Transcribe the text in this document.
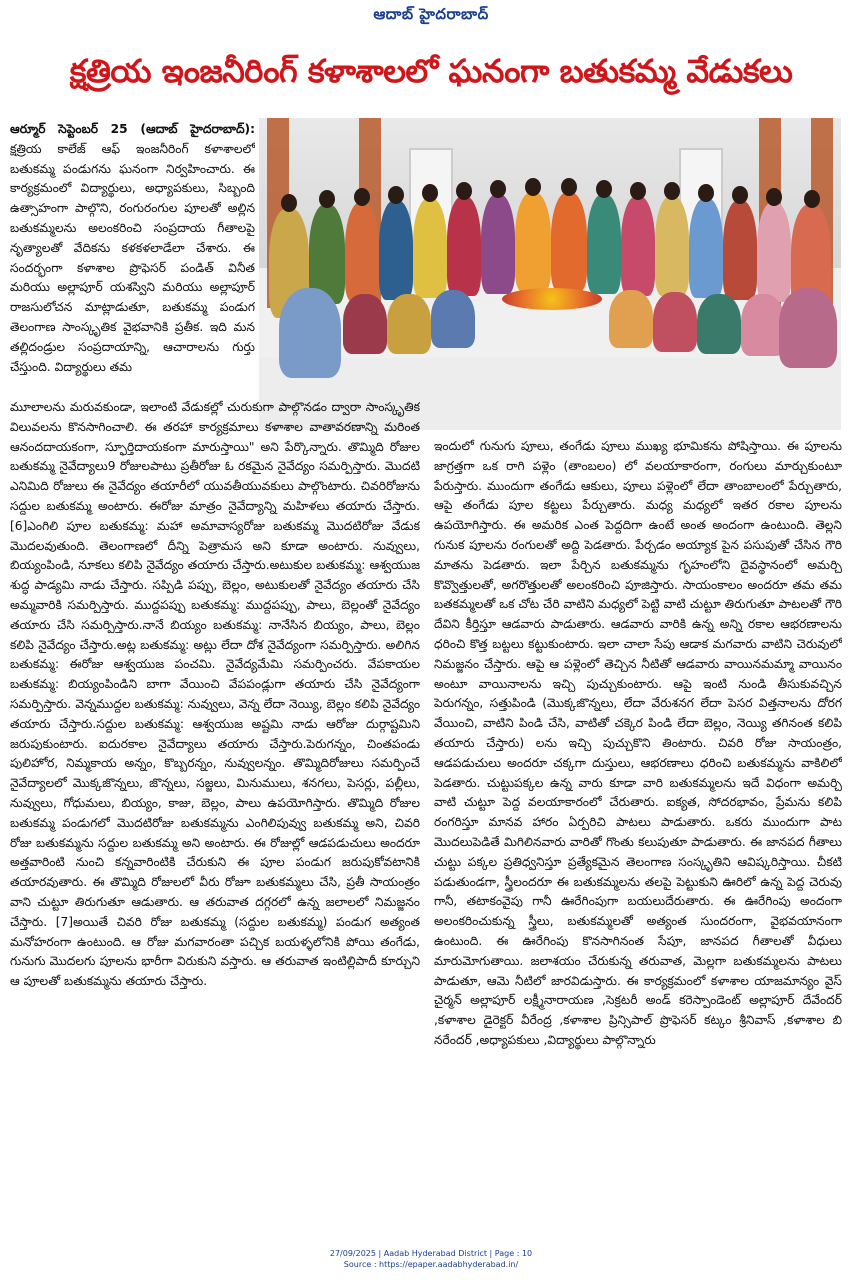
ఆదాబ్ హైదరాబాద్
క్షత్రియ ఇంజనీరింగ్ కళాశాలలో ఘనంగా బతుకమ్మ వేడుకలు
ఆర్మూర్ సెప్టెంబర్ 25 (ఆదాబ్ హైదరాబాద్): క్షత్రియ కాలేజ్ ఆఫ్ ఇంజనీరింగ్ కళాశాలలో బతుకమ్మ పండుగను ఘనంగా నిర్వహించారు. ఈ కార్యక్రమంలో విద్యార్థులు, అధ్యాపకులు, సిబ్బంది ఉత్సాహంగా పాల్గొని, రంగురంగుల పూలతో అల్లిన బతుకమ్మలను అలంకరించి సంప్రదాయ గీతాలపై నృత్యాలతో వేదికను కళకళలాడేలా చేశారు. ఈ సందర్భంగా కళాశాల ప్రొఫెసర్ పండిత్ వినీత మరియు అల్లాపూర్ యశస్విని మరియు అల్లాపూర్ రాజసులోచన మాట్లాడుతూ, బతుకమ్మ పండుగ తెలంగాణ సాంస్కృతిక వైభవానికి ప్రతీక. ఇది మన తల్లిదండ్రుల సంప్రదాయాన్ని, ఆచారాలను గుర్తు చేస్తుంది. విద్యార్థులు తమ
మూలాలను మరువకుండా, ఇలాంటి వేడుకల్లో చురుకుగా పాల్గొనడం ద్వారా సాంస్కృతిక విలువలను కొనసాగించాలి. ఈ తరహా కార్యక్రమాలు కళాశాల వాతావరణాన్ని మరింత ఆనందదాయకంగా, స్ఫూర్తిదాయకంగా మారుస్తాయి" అని పేర్కొన్నారు. తొమ్మిది రోజుల బతుకమ్మ నైవేద్యాలు9 రోజులపాటు ప్రతీరోజు ఓ రకమైన నైవేద్యం సమర్పిస్తారు. మొదటి ఎనిమిది రోజులు ఈ నైవేద్యం తయారీలో యువతీయువకులు పాల్గొంటారు. చివరిరోజును సద్దుల బతుకమ్మ అంటారు. ఈరోజు మాత్రం నైవేద్యాన్ని మహిళలు తయారు చేస్తారు. [6]ఎంగిలి పూల బతుకమ్మ: మహా అమావాస్యరోజు బతుకమ్మ మొదటిరోజు వేడుక మొదలవుతుంది. తెలంగాణలో దీన్ని పెత్రామస అని కూడా అంటారు. నువ్వులు, బియ్యంపిండి, నూకలు కలిపి నైవేద్యం తయారు చేస్తారు.అటుకుల బతుకమ్మ: ఆశ్వయుజ శుద్ధ పాడ్యమి నాడు చేస్తారు. సప్పిడి పప్పు, బెల్లం, అటుకులతో నైవేద్యం తయారు చేసి అమ్మవారికి సమర్పిస్తారు. ముద్దపప్పు బతుకమ్మ: ముద్దపప్పు, పాలు, బెల్లంతో నైవేద్యం తయారు చేసి సమర్పిస్తారు.నానే బియ్యం బతుకమ్మ: నానేసిన బియ్యం, పాలు, బెల్లం కలిపి నైవేద్యం చేస్తారు.అట్ల బతుకమ్మ: అట్లు లేదా దోశ నైవేద్యంగా సమర్పిస్తారు. అలిగిన బతుకమ్మ: ఈరోజు ఆశ్వయుజ పంచమి. నైవేద్యమేమి సమర్పించరు. వేపకాయల బతుకమ్మ: బియ్యంపిండిని బాగా వేయించి వేపపండ్లుగా తయారు చేసి నైవేద్యంగా సమర్పిస్తారు. వెన్నముద్దల బతుకమ్మ: నువ్వులు, వెన్న లేదా నెయ్యి, బెల్లం కలిపి నైవేద్యం తయారు చేస్తారు.సద్దుల బతుకమ్మ: ఆశ్వయుజ అష్టమి నాడు ఆరోజు దుర్గాష్టమిని జరుపుకుంటారు. ఐదురకాల నైవేద్యాలు తయారు చేస్తారు.పెరుగన్నం, చింతపండు పులిహోర, నిమ్మకాయ అన్నం, కొబ్బరన్నం, నువ్వులన్నం. తొమ్మిదిరోజులు సమర్పించే నైవేద్యాలలో మొక్కజొన్నలు, జొన్నలు, సజ్జలు, మినుములు, శనగలు, పెసర్లు, పల్లీలు, నువ్వులు, గోధుమలు, బియ్యం, కాజు, బెల్లం, పాలు ఉపయోగిస్తారు. తొమ్మిది రోజుల బతుకమ్మ పండుగలో మొదటిరోజు బతుకమ్మను ఎంగిలిపువ్వు బతుకమ్మ అని, చివరి రోజు బతుకమ్మను సద్దుల బతుకమ్మ అని అంటారు. ఈ రోజుల్లో ఆడపడుచులు అందరూ అత్తవారింటి నుంచి కన్నవారింటికి చేరుకుని ఈ పూల పండుగ జరుపుకోవటానికి తయారవుతారు. ఈ తొమ్మిది రోజులలో వీరు రోజూ బతుకమ్మలు చేసి, ప్రతీ సాయంత్రం వాని చుట్టూ తిరుగుతూ ఆడుతారు. ఆ తరువాత దగ్గరలో ఉన్న జలాలలో నిమజ్జనం చేస్తారు. [7]అయితే చివరి రోజు బతుకమ్మ (సద్దుల బతుకమ్మ) పండుగ అత్యంత మనోహరంగా ఉంటుంది. ఆ రోజు మగవారంతా పచ్చిక బయళ్ళలోనికి పోయి తంగేడు, గునుగు మొదలగు పూలను భారీగా విరుకుని వస్తారు. ఆ తరువాత ఇంటిల్లిపాదీ కూర్చుని ఆ పూలతో బతుకమ్మను తయారు చేస్తారు.
ఇందులో గునుగు పూలు, తంగేడు పూలు ముఖ్య భూమికను పోషిస్తాయి. ఈ పూలను జాగ్రత్తగా ఒక రాగి పళ్లెం (తాంబలం) లో వలయాకారంగా, రంగులు మార్చుకుంటూ పేరుస్తారు. ముందుగా తంగేడు ఆకులు, పూలు పళ్లెంలో లేదా తాంబాలంలో పేర్చుతారు, ఆపై తంగేడు పూల కట్టలు పేర్చుతారు. మధ్య మధ్యలో ఇతర రకాల పూలను ఉపయోగిస్తారు. ఈ అమరిక ఎంత పెద్దదిగా ఉంటే అంత అందంగా ఉంటుంది. తెల్లని గునుక పూలను రంగులతో అద్ది పెడతారు. పేర్చడం అయ్యాక పైన పసుపుతో చేసిన గౌరి మాతను పెడతారు. ఇలా పేర్చిన బతుకమ్మను గృహంలోని దైవస్థానంలో అమర్చి కొవ్వొత్తులతో, అగరొత్తులతో అలంకరించి పూజిస్తారు. సాయంకాలం అందరూ తమ తమ బతకమ్మలతో ఒక చోట చేరి వాటిని మధ్యలో పెట్టి వాటి చుట్టూ తిరుగుతూ పాటలతో గౌరి దేవిని కీర్తిస్తూ ఆడవారు పాడుతారు. ఆడవారు వారికి ఉన్న అన్ని రకాల ఆభరణాలను ధరించి కొత్త బట్టలు కట్టుకుంటారు. ఇలా చాలా సేపు ఆడాక మగవారు వాటిని చెరువులో నిమజ్జనం చేస్తారు. ఆపై ఆ పళ్లెంలో తెచ్చిన నీటితో ఆడవారు వాయినమమ్మా వాయినం అంటూ వాయినాలను ఇచ్చి పుచ్చుకుంటారు. ఆపై ఇంటి నుండి తీసుకువచ్చిన పెరుగన్నం, సత్తుపిండి (మొక్కజొన్నలు, లేదా వేరుశనగ లేదా పెసర విత్తనాలను దోరగ వేయించి, వాటిని పిండి చేసి, వాటితో చక్కెర పిండి లేదా బెల్లం, నెయ్యి తగినంత కలిపి తయారు చేస్తారు) లను ఇచ్చి పుచ్చుకొని తింటారు. చివరి రోజు సాయంత్రం, ఆడపడుచులు అందరూ చక్కగా దుస్తులు, ఆభరణాలు ధరించి బతుకమ్మను వాకిలిలో పెడతారు. చుట్టుపక్కల ఉన్న వారు కూడా వారి బతుకమ్మలను ఇదే విధంగా అమర్చి వాటి చుట్టూ పెద్ద వలయాకారంలో చేరుతారు. ఐక్యత, సోదరభావం, ప్రేమను కలిపి రంగరిస్తూ మానవ హారం ఏర్పరిచి పాటలు పాడుతారు. ఒకరు ముందుగా పాట మొదలుపెడితే మిగిలినవారు వారితో గొంతు కలుపుతూ పాడుతారు. ఈ జానపద గీతాలు చుట్టు పక్కల ప్రతిధ్వనిస్తూ ప్రత్యేకమైన తెలంగాణ సంస్కృతిని ఆవిష్కరిస్తాయి. చీకటి పడుతుండగా, స్త్రీలందరూ ఈ బతుకమ్మలను తలపై పెట్టుకుని ఊరిలో ఉన్న పెద్ద చెరువు గానీ, తటాకంవైపు గానీ ఊరేగింపుగా బయలుదేరుతారు. ఈ ఊరేగింపు అందంగా అలంకరించుకున్న స్త్రీలు, బతుకమ్మలతో అత్యంత సుందరంగా, వైభవయానంగా ఉంటుంది. ఈ ఊరేగింపు కొనసాగినంత సేపూ, జానపద గీతాలతో వీధులు మారుమోగుతాయి. జలాశయం చేరుకున్న తరువాత, మెల్లగా బతుకమ్మలను పాటలు పాడుతూ, ఆమె నీటిలో జారవిడుస్తారు. ఈ కార్యక్రమంలో కళాశాల యాజమాన్యం వైస్ చైర్మన్ అల్లాపూర్ లక్ష్మీనారాయణ ,సెక్రటరీ అండ్ కరెస్పాండెంట్ అల్లాపూర్ దేవేందర్ ,కళాశాల డైరెక్టర్ వీరేంద్ర ,కళాశాల ప్రిన్సిపాల్ ప్రొఫెసర్ కట్కం శ్రీనివాస్ ,కళాశాల బి నరేందర్ ,అధ్యాపకులు ,విద్యార్థులు పాల్గొన్నారు
27/09/2025 | Aadab Hyderabad District | Page : 10
Source : https://epaper.aadabhyderabad.in/
